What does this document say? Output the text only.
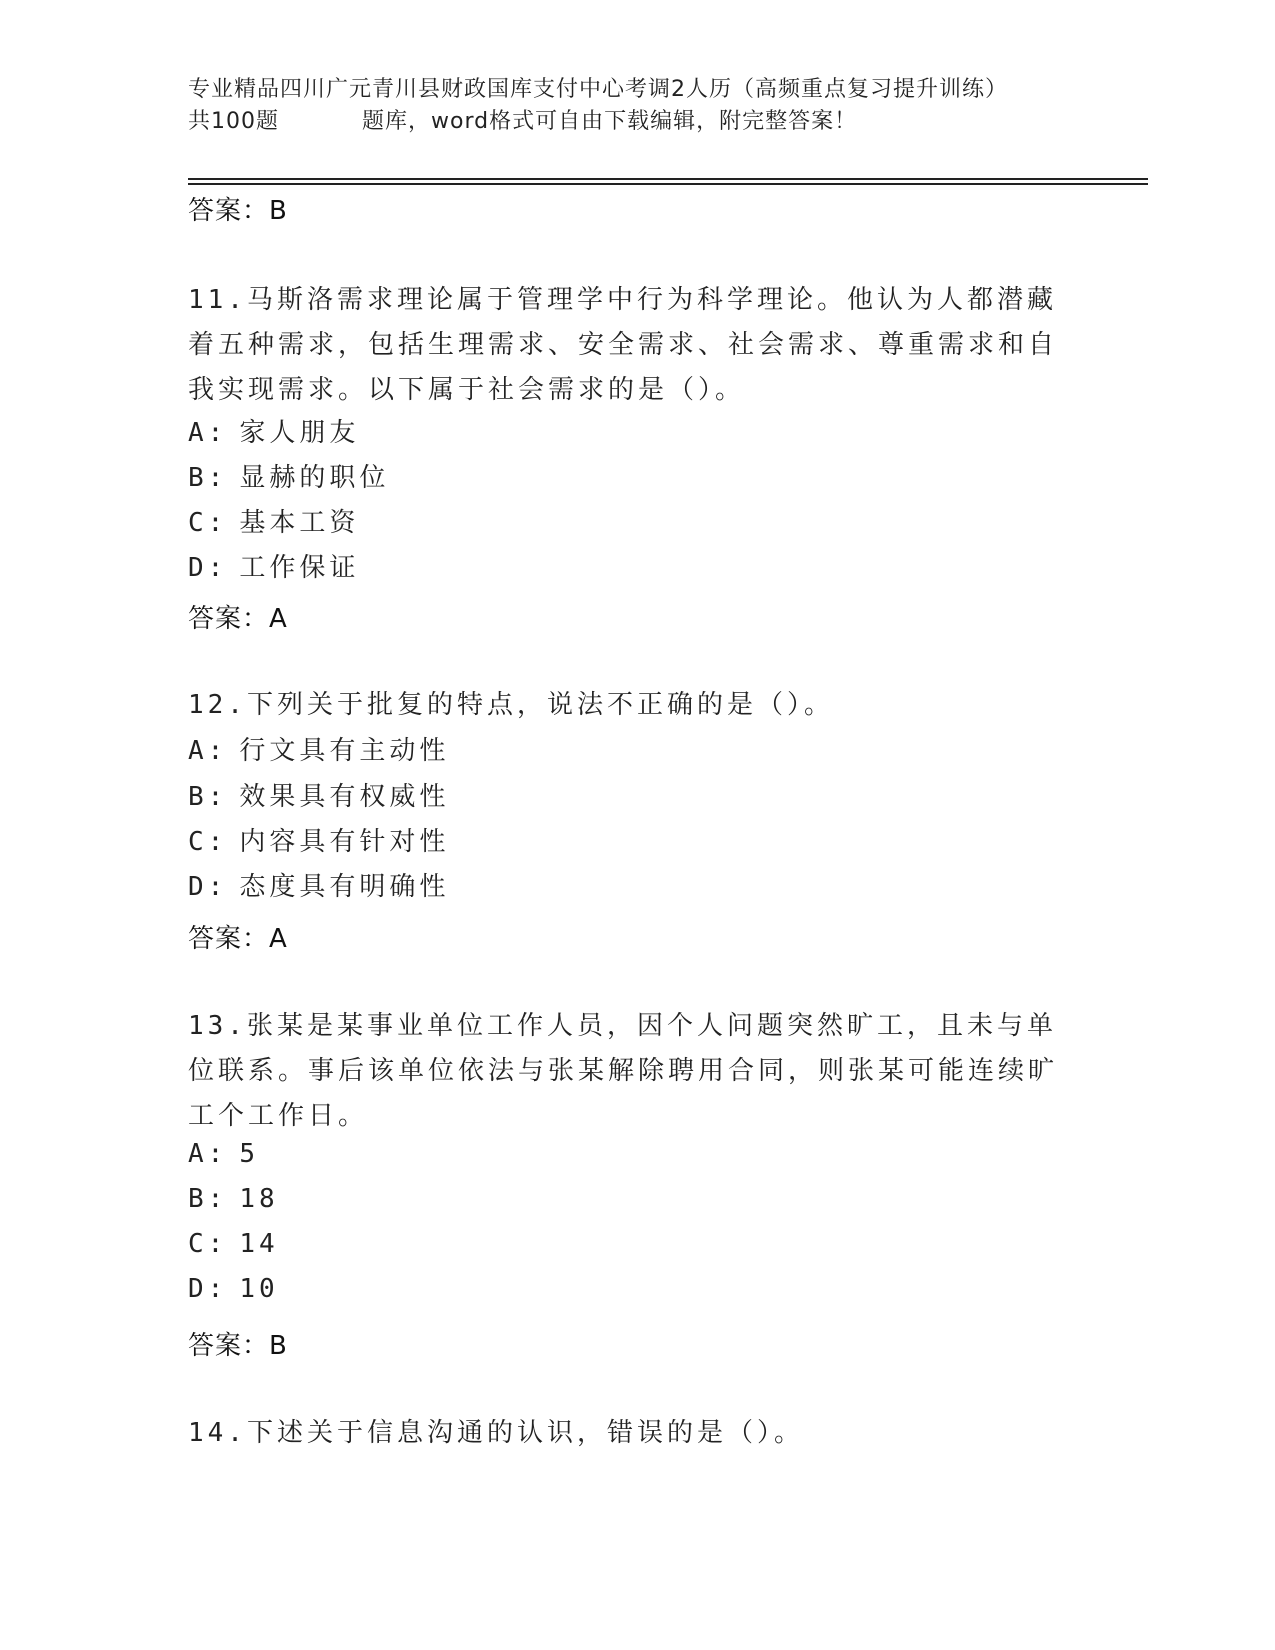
专业精品四川广元青川县财政国库支付中心考调2人历（高频重点复习提升训练）
共100题	题库，word格式可自由下载编辑，附完整答案！
答案：B
11.马斯洛需求理论属于管理学中行为科学理论。他认为人都潜藏着五种需求，包括生理需求、安全需求、社会需求、尊重需求和自我实现需求。以下属于社会需求的是（）。
A: 家人朋友
B: 显赫的职位
C: 基本工资
D: 工作保证
答案：A
12.下列关于批复的特点，说法不正确的是（）。
A: 行文具有主动性
B: 效果具有权威性
C: 内容具有针对性
D: 态度具有明确性
答案：A
13.张某是某事业单位工作人员，因个人问题突然旷工，且未与单位联系。事后该单位依法与张某解除聘用合同，则张某可能连续旷工个工作日。
A: 5
B: 18
C: 14
D: 10
答案：B
14.下述关于信息沟通的认识，错误的是（）。
